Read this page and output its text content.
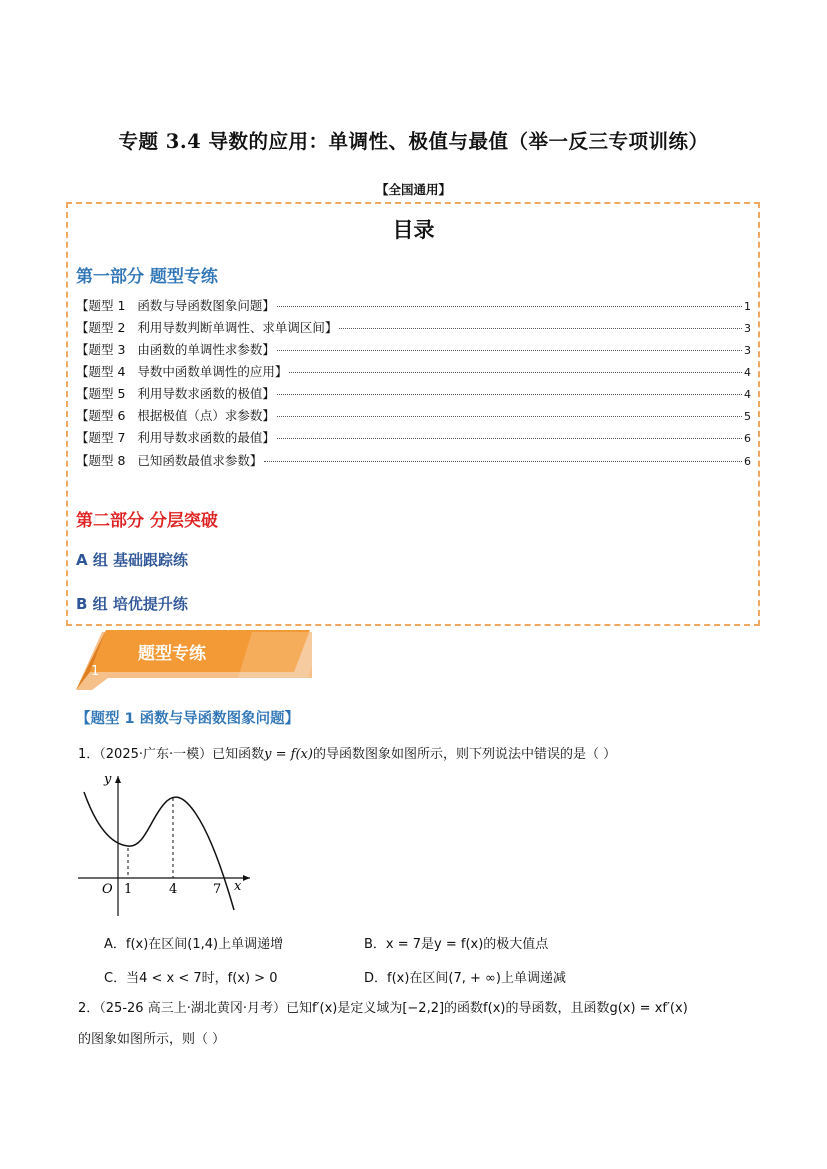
专题 3.4 导数的应用：单调性、极值与最值（举一反三专项训练）
【全国通用】
目录
第一部分 题型专练
【题型 1   函数与导函数图象问题】	1
【题型 2   利用导数判断单调性、求单调区间】	3
【题型 3   由函数的单调性求参数】	3
【题型 4   导数中函数单调性的应用】	4
【题型 5   利用导数求函数的极值】	4
【题型 6   根据极值（点）求参数】	5
【题型 7   利用导数求函数的最值】	6
【题型 8   已知函数最值求参数】	6
第二部分 分层突破
A 组 基础跟踪练
B 组 培优提升练
题型专练
1
【题型 1 函数与导函数图象问题】
1．（2025·广东·一模）已知函数y = f(x)的导函数图象如图所示，则下列说法中错误的是（ ）
y
x
O 1	4	7
A．f(x)在区间(1,4)上单调递增	B．x = 7是y = f(x)的极大值点
C．当4 < x < 7时，f(x) > 0	D．f(x)在区间(7, + ∞)上单调递减
2．（25-26 高三上·湖北黄冈·月考）已知f′(x)是定义域为[−2,2]的函数f(x)的导函数，且函数g(x) = xf′(x)
的图象如图所示，则（ ）
